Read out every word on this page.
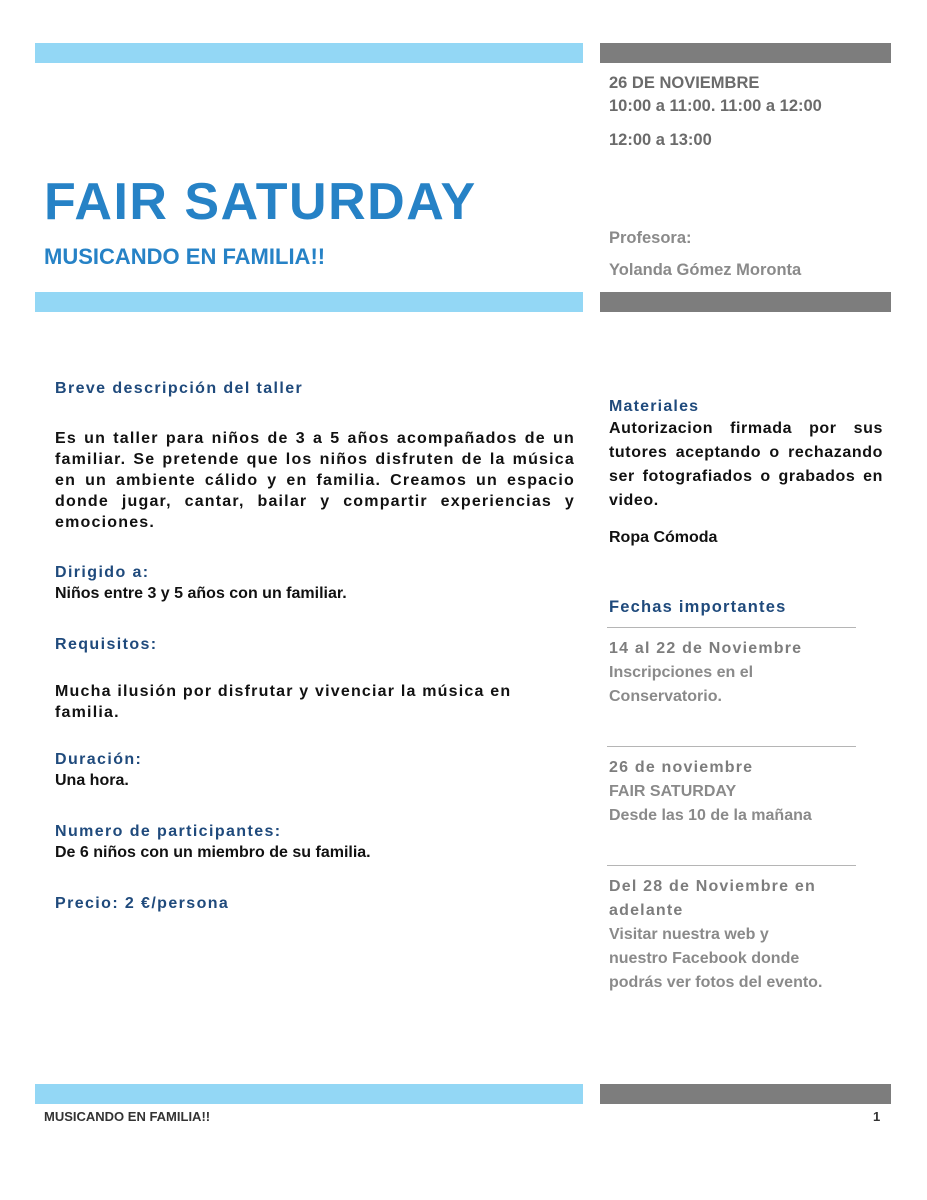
FAIR SATURDAY
MUSICANDO EN FAMILIA!!
26 DE NOVIEMBRE
10:00 a 11:00. 11:00 a 12:00
12:00 a 13:00
Profesora:
Yolanda Gómez Moronta
Breve descripción del taller
Es un taller para niños de 3 a 5 años acompañados de un familiar. Se pretende que los niños disfruten de la música en un ambiente cálido y en familia. Creamos un espacio donde jugar, cantar, bailar y compartir experiencias y emociones.
Dirigido a:
Niños entre 3 y 5 años con un familiar.
Requisitos:
Mucha ilusión por disfrutar y vivenciar la música en familia.
Duración:
Una hora.
Numero de participantes:
De 6 niños con un miembro de su familia.
Precio: 2 €/persona
Materiales
Autorizacion firmada por sus tutores aceptando o rechazando ser fotografiados o grabados en video.
Ropa Cómoda
Fechas importantes
14 al 22 de Noviembre
Inscripciones en el
Conservatorio.
26 de noviembre
FAIR SATURDAY
Desde las 10 de la mañana
Del 28 de Noviembre en
adelante
Visitar nuestra web y
nuestro Facebook donde
podrás ver fotos del evento.
MUSICANDO EN FAMILIA!!	1
